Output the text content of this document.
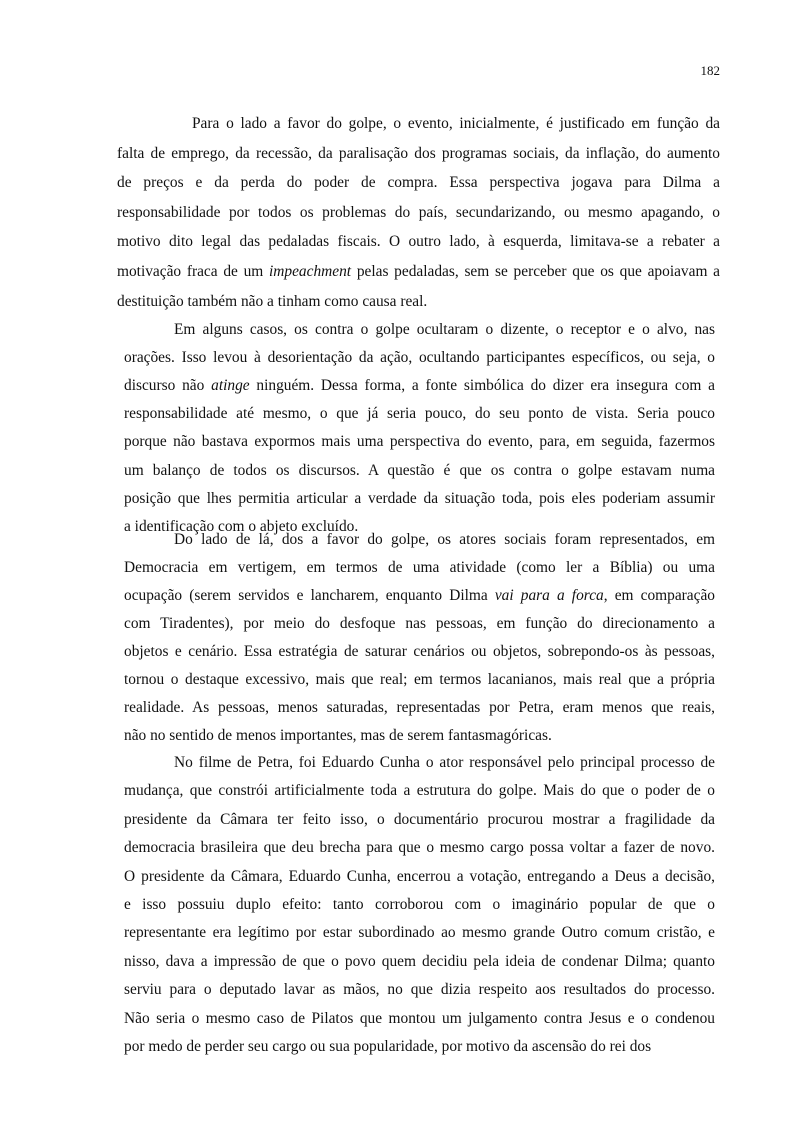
182
Para o lado a favor do golpe, o evento, inicialmente, é justificado em função da
falta de emprego, da recessão, da paralisação dos programas sociais, da inflação, do aumento
de preços e da perda do poder de compra. Essa perspectiva jogava para Dilma a
responsabilidade por todos os problemas do país, secundarizando, ou mesmo apagando, o
motivo dito legal das pedaladas fiscais. O outro lado, à esquerda, limitava-se a rebater a
motivação fraca de um impeachment pelas pedaladas, sem se perceber que os que apoiavam a
destituição também não a tinham como causa real.
Em alguns casos, os contra o golpe ocultaram o dizente, o receptor e o alvo, nas
orações. Isso levou à desorientação da ação, ocultando participantes específicos, ou seja, o
discurso não atinge ninguém. Dessa forma, a fonte simbólica do dizer era insegura com a
responsabilidade até mesmo, o que já seria pouco, do seu ponto de vista. Seria pouco
porque não bastava expormos mais uma perspectiva do evento, para, em seguida, fazermos
um balanço de todos os discursos. A questão é que os contra o golpe estavam numa
posição que lhes permitia articular a verdade da situação toda, pois eles poderiam assumir
a identificação com o abjeto excluído.
Do lado de lá, dos a favor do golpe, os atores sociais foram representados, em
Democracia em vertigem, em termos de uma atividade (como ler a Bíblia) ou uma
ocupação (serem servidos e lancharem, enquanto Dilma vai para a forca, em comparação
com Tiradentes), por meio do desfoque nas pessoas, em função do direcionamento a
objetos e cenário. Essa estratégia de saturar cenários ou objetos, sobrepondo-os às pessoas,
tornou o destaque excessivo, mais que real; em termos lacanianos, mais real que a própria
realidade. As pessoas, menos saturadas, representadas por Petra, eram menos que reais,
não no sentido de menos importantes, mas de serem fantasmagóricas.
No filme de Petra, foi Eduardo Cunha o ator responsável pelo principal processo de
mudança, que constrói artificialmente toda a estrutura do golpe. Mais do que o poder de o
presidente da Câmara ter feito isso, o documentário procurou mostrar a fragilidade da
democracia brasileira que deu brecha para que o mesmo cargo possa voltar a fazer de novo.
O presidente da Câmara, Eduardo Cunha, encerrou a votação, entregando a Deus a decisão,
e isso possuiu duplo efeito: tanto corroborou com o imaginário popular de que o
representante era legítimo por estar subordinado ao mesmo grande Outro comum cristão, e
nisso, dava a impressão de que o povo quem decidiu pela ideia de condenar Dilma; quanto
serviu para o deputado lavar as mãos, no que dizia respeito aos resultados do processo.
Não seria o mesmo caso de Pilatos que montou um julgamento contra Jesus e o condenou
por medo de perder seu cargo ou sua popularidade, por motivo da ascensão do rei dos
